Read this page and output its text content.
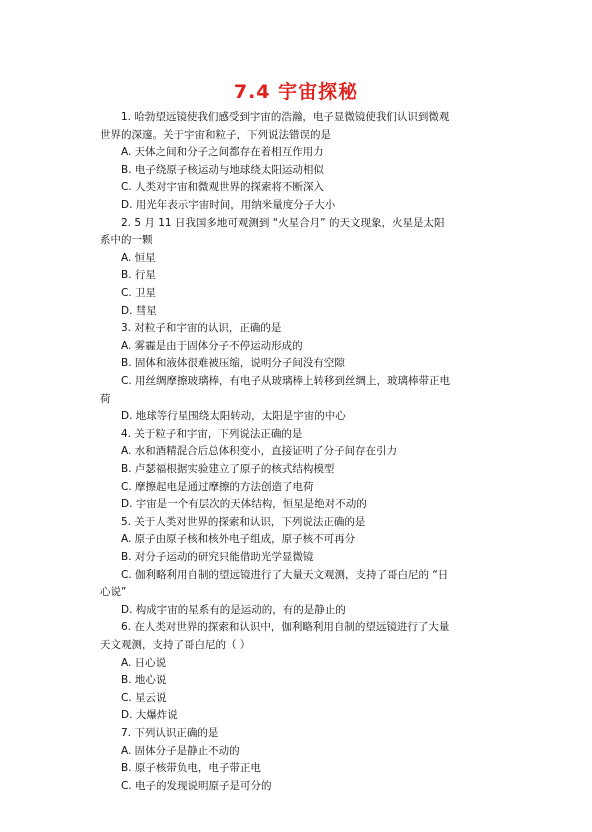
7.4 宇宙探秘
1. 哈勃望远镜使我们感受到宇宙的浩瀚，电子显微镜使我们认识到微观
世界的深邃。关于宇宙和粒子，下列说法错误的是
A. 天体之间和分子之间都存在着相互作用力
B. 电子绕原子核运动与地球绕太阳运动相似
C. 人类对宇宙和微观世界的探索将不断深入
D. 用光年表示宇宙时间，用纳米量度分子大小
2. 5 月 11 日我国多地可观测到 “火星合月” 的天文现象，火星是太阳
系中的一颗
A. 恒星
B. 行星
C. 卫星
D. 彗星
3. 对粒子和宇宙的认识，正确的是
A. 雾霾是由于固体分子不停运动形成的
B. 固体和液体很难被压缩，说明分子间没有空隙
C. 用丝绸摩擦玻璃棒，有电子从玻璃棒上转移到丝绸上，玻璃棒带正电
荷
D. 地球等行星围绕太阳转动，太阳是宇宙的中心
4. 关于粒子和宇宙，下列说法正确的是
A. 水和酒精混合后总体积变小，直接证明了分子间存在引力
B. 卢瑟福根据实验建立了原子的核式结构模型
C. 摩擦起电是通过摩擦的方法创造了电荷
D. 宇宙是一个有层次的天体结构，恒星是绝对不动的
5. 关于人类对世界的探索和认识，下列说法正确的是
A. 原子由原子核和核外电子组成，原子核不可再分
B. 对分子运动的研究只能借助光学显微镜
C. 伽利略利用自制的望远镜进行了大量天文观测，支持了哥白尼的 “日
心说”
D. 构成宇宙的星系有的是运动的，有的是静止的
6. 在人类对世界的探索和认识中，伽利略利用自制的望远镜进行了大量
天文观测，支持了哥白尼的（ ）
A. 日心说
B. 地心说
C. 星云说
D. 大爆炸说
7. 下列认识正确的是
A. 固体分子是静止不动的
B. 原子核带负电，电子带正电
C. 电子的发现说明原子是可分的
